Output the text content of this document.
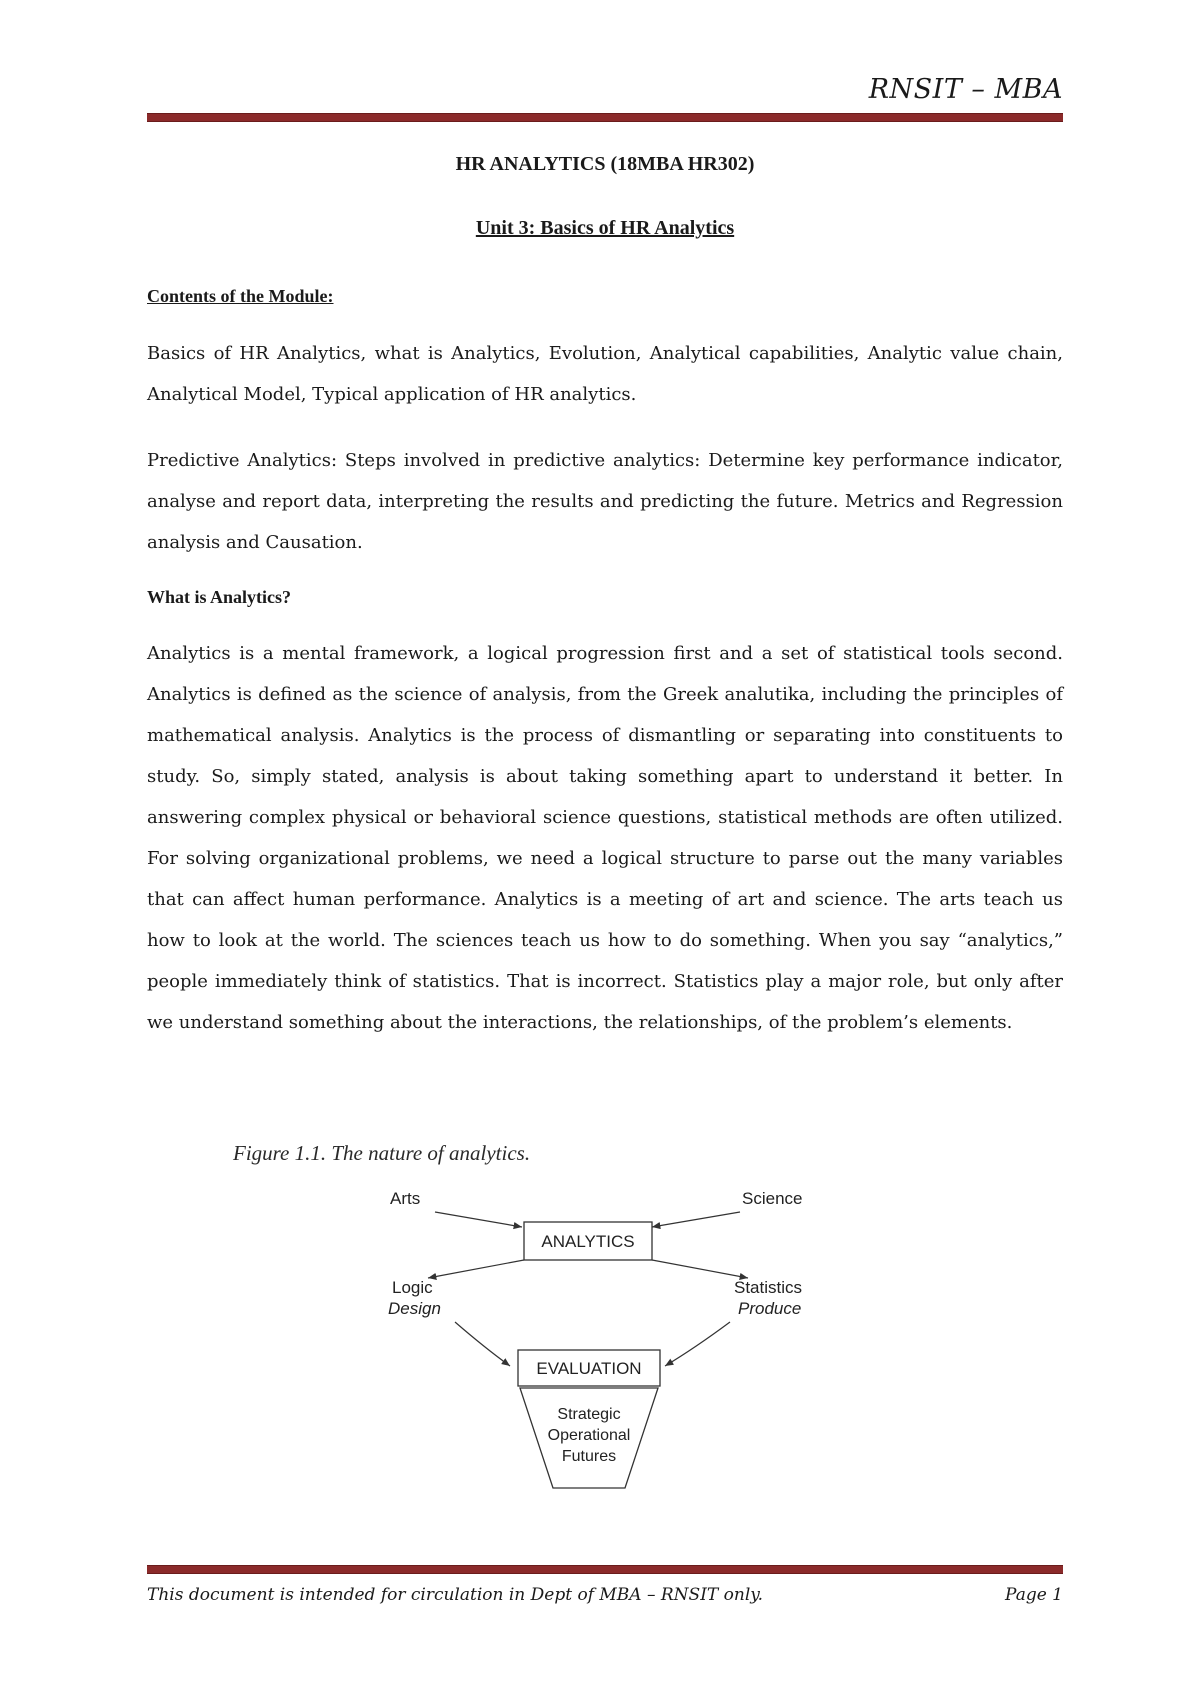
RNSIT – MBA
HR ANALYTICS (18MBA HR302)
Unit 3: Basics of HR Analytics
Contents of the Module:
Basics of HR Analytics, what is Analytics, Evolution, Analytical capabilities, Analytic value chain, Analytical Model, Typical application of HR analytics.
Predictive Analytics: Steps involved in predictive analytics: Determine key performance indicator, analyse and report data, interpreting the results and predicting the future. Metrics and Regression analysis and Causation.
What is Analytics?
Analytics is a mental framework, a logical progression first and a set of statistical tools second. Analytics is defined as the science of analysis, from the Greek analutika, including the principles of mathematical analysis. Analytics is the process of dismantling or separating into constituents to study. So, simply stated, analysis is about taking something apart to understand it better. In answering complex physical or behavioral science questions, statistical methods are often utilized. For solving organizational problems, we need a logical structure to parse out the many variables that can affect human performance. Analytics is a meeting of art and science. The arts teach us how to look at the world. The sciences teach us how to do something. When you say “analytics,” people immediately think of statistics. That is incorrect. Statistics play a major role, but only after we understand something about the interactions, the relationships, of the problem’s elements.
Figure 1.1. The nature of analytics.
Arts	Science
ANALYTICS
Logic
Design
Statistics
Produce
EVALUATION
Strategic
Operational
Futures
This document is intended for circulation in Dept of MBA – RNSIT only.	Page 1
